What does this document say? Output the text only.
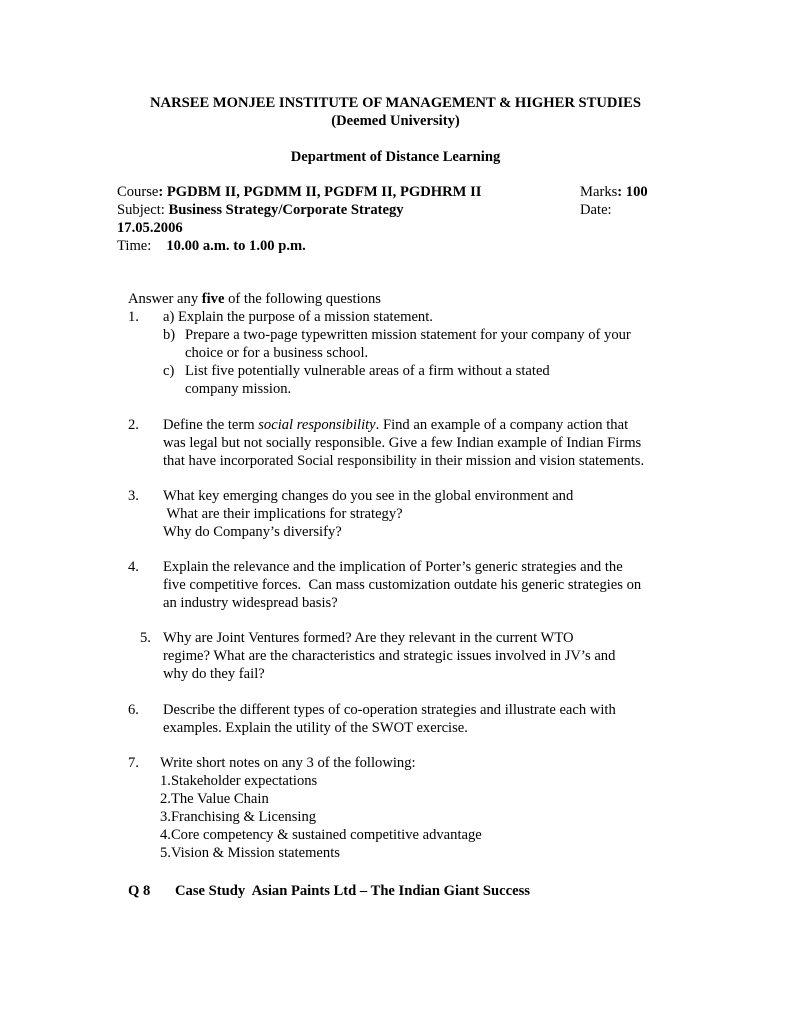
NARSEE MONJEE INSTITUTE OF MANAGEMENT & HIGHER STUDIES
(Deemed University)
Department of Distance Learning
Course: PGDBM II, PGDMM II, PGDFM II, PGDHRM II	Marks: 100
Subject: Business Strategy/Corporate Strategy	Date:
17.05.2006
Time: 10.00 a.m. to 1.00 p.m.
Answer any five of the following questions
1. a) Explain the purpose of a mission statement.
b) Prepare a two-page typewritten mission statement for your company of your
choice or for a business school.
c) List five potentially vulnerable areas of a firm without a stated
company mission.
2. Define the term social responsibility. Find an example of a company action that
was legal but not socially responsible. Give a few Indian example of Indian Firms
that have incorporated Social responsibility in their mission and vision statements.
3. What key emerging changes do you see in the global environment and
What are their implications for strategy?
Why do Company’s diversify?
4. Explain the relevance and the implication of Porter’s generic strategies and the
five competitive forces.  Can mass customization outdate his generic strategies on
an industry widespread basis?
5. Why are Joint Ventures formed? Are they relevant in the current WTO
regime? What are the characteristics and strategic issues involved in JV’s and
why do they fail?
6. Describe the different types of co-operation strategies and illustrate each with
examples. Explain the utility of the SWOT exercise.
7. Write short notes on any 3 of the following:
1.Stakeholder expectations
2.The Value Chain
3.Franchising & Licensing
4.Core competency & sustained competitive advantage
5.Vision & Mission statements
Q 8 Case Study  Asian Paints Ltd – The Indian Giant Success
